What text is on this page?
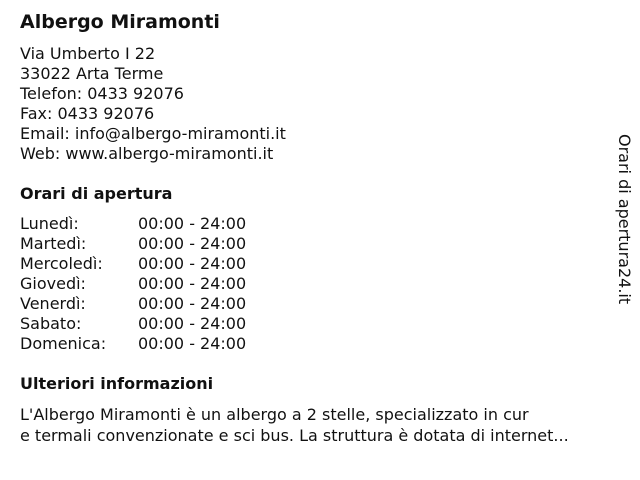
Albergo Miramonti
Via Umberto I 22
33022 Arta Terme
Telefon: 0433 92076
Fax: 0433 92076
Email: info@albergo-miramonti.it
Web: www.albergo-miramonti.it
Orari di apertura
Lunedì:	00:00 - 24:00
Martedì:	00:00 - 24:00
Mercoledì: 00:00 - 24:00
Giovedì:	00:00 - 24:00
Venerdì:	00:00 - 24:00
Sabato:	00:00 - 24:00
Domenica: 00:00 - 24:00
Ulteriori informazioni
L'Albergo Miramonti è un albergo a 2 stelle, specializzato in cur
e termali convenzionate e sci bus. La struttura è dotata di internet...
Orari di apertura24.it
